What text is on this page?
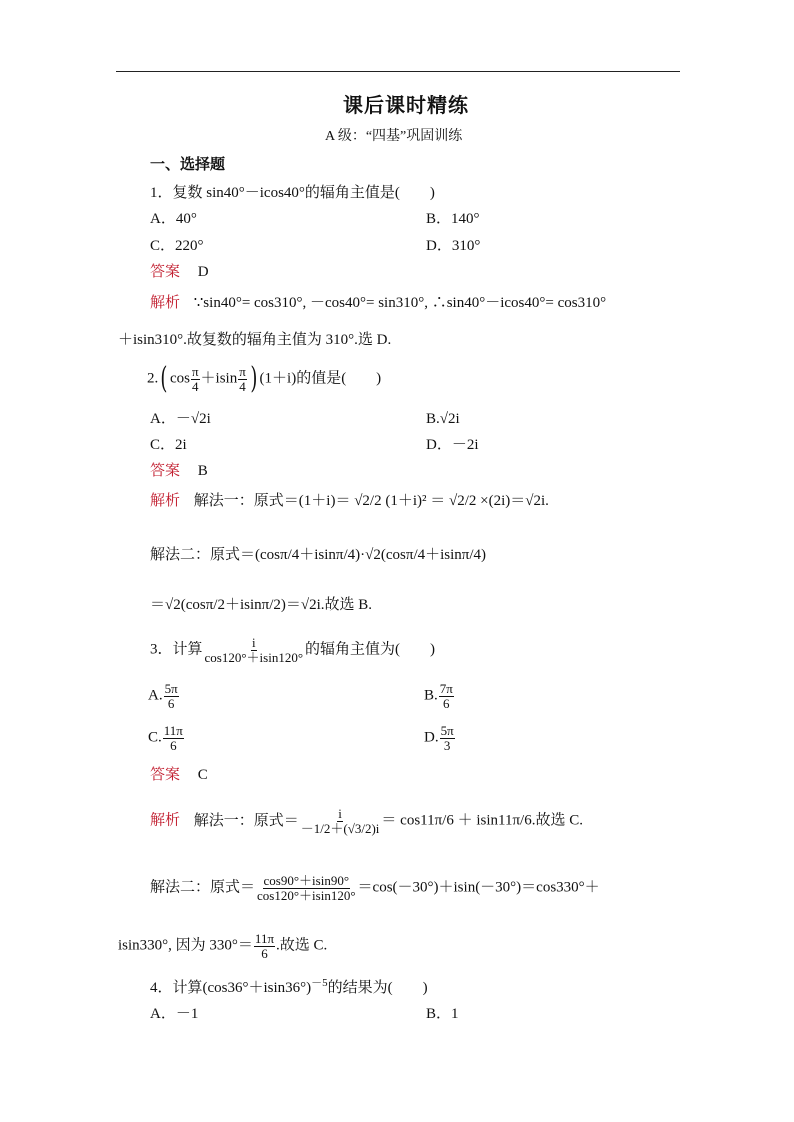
课后课时精练
A 级：“四基”巩固训练
一、选择题
1．复数 sin40°－icos40°的辐角主值是(　　)
A．40°	B．140°
C．220°	D．310°
答案 D
解析 ∵sin40°= cos310°, －cos40°= sin310°, ∴sin40°－icos40°= cos310°
＋isin310°.故复数的辐角主值为 310°.选 D.
2.( $\cos \frac{\pi}{4} +isin \frac{\pi}{4}$ ) (1＋i)的值是(　　)
A．－√2i	B.√2i
C．2i	D．－2i
答案 B
解析 解法一：原式＝(1＋i)＝ √2/2 (1＋i)² ＝ √2/2 ×(2i)＝√2i.
解法二：原式＝(cosπ/4＋isinπ/4)·√2(cosπ/4＋isinπ/4)
＝√2(cosπ/2＋isinπ/2)＝√2i.故选 B.
3．计算 $\frac{i}{\cos 120^\circ+isin120^\circ}$ 的辐角主值为(　　)
A. $\frac{5\pi}{6}$	B. $\frac{7\pi}{6}$
C. $\frac{11\pi}{6}$	D. $\frac{5\pi}{3}$
答案 C
解析 解法一：原式＝ $\frac{i}{-1/2+(√3/2)i} = \cos 11\pi/6 + isin11\pi/6$.故选 C.
解法二：原式＝ $\frac{\cos 90^\circ+isin90^\circ}{\cos 120^\circ+isin120^\circ} =\cos(-30^\circ)+isin(-30^\circ)=\cos 330^\circ+$
isin330°, 因为 $330^\circ= \frac{11\pi}{6}$ .故选 C.
4．计算$(\cos 36^\circ+isin36^\circ)^{-5}$的结果为(　　)
A．－1	B．1
